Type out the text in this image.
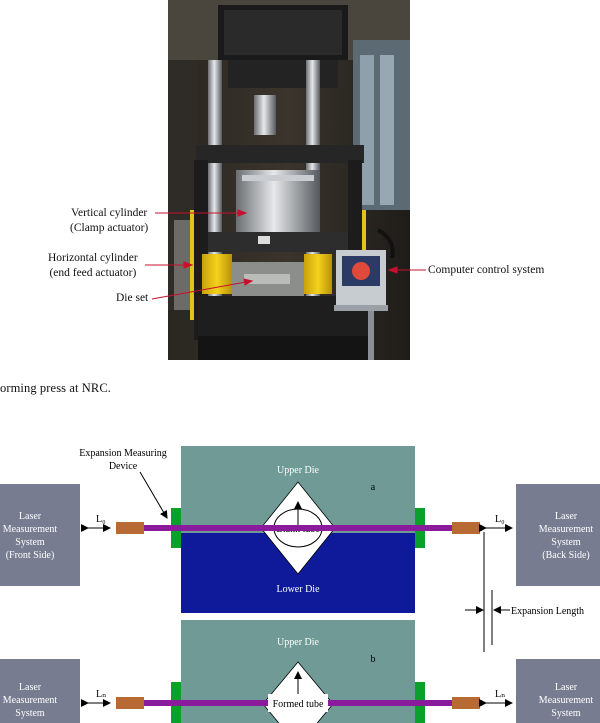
Vertical cylinder
(Clamp actuator)
Horizontal cylinder
(end feed actuator)
Die set
Computer control system
orming press at NRC.
Laser
Measurement
System
(Front Side)
Laser
Measurement
System
(Back Side)
Upper Die
Lower Die
a
L₀	L₀
Expansion Measuring
Device
Expansion Length
Laser
Measurement
System
Laser
Measurement
System
Upper Die
b
Formed tube
Lₙ	Lₙ
